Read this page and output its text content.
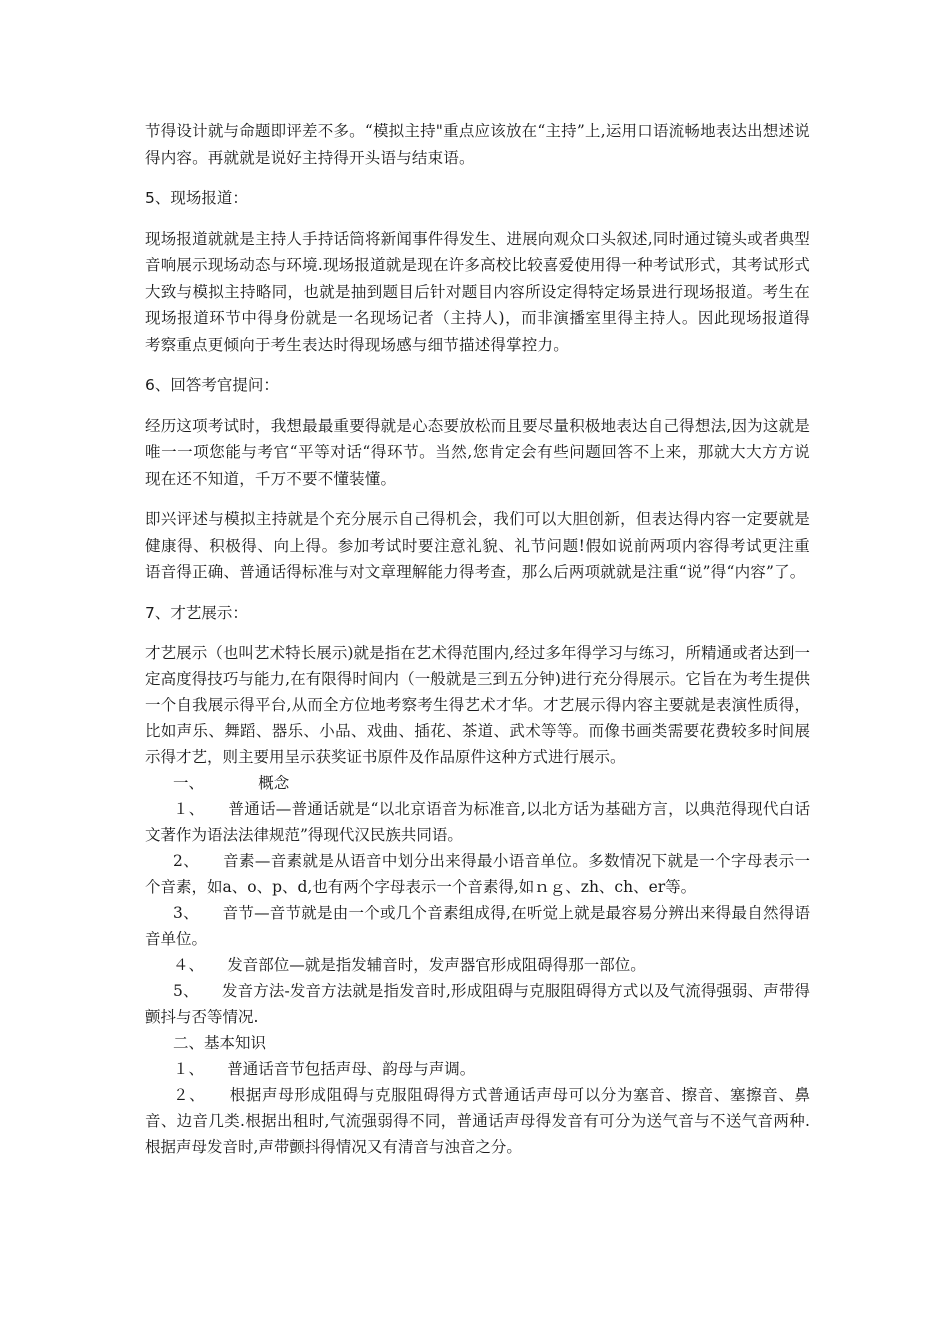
节得设计就与命题即评差不多。“模拟主持"重点应该放在“主持”上,运用口语流畅地表达出想述说得内容。再就就是说好主持得开头语与结束语。

5、现场报道：

现场报道就就是主持人手持话筒将新闻事件得发生、进展向观众口头叙述,同时通过镜头或者典型音响展示现场动态与环境.现场报道就是现在许多高校比较喜爱使用得一种考试形式，其考试形式大致与模拟主持略同，也就是抽到题目后针对题目内容所设定得特定场景进行现场报道。考生在现场报道环节中得身份就是一名现场记者（主持人)，而非演播室里得主持人。因此现场报道得考察重点更倾向于考生表达时得现场感与细节描述得掌控力。

6、回答考官提问：

经历这项考试时，我想最最重要得就是心态要放松而且要尽量积极地表达自己得想法,因为这就是唯一一项您能与考官“平等对话“得环节。当然,您肯定会有些问题回答不上来，那就大大方方说现在还不知道，千万不要不懂装懂。

即兴评述与模拟主持就是个充分展示自己得机会，我们可以大胆创新，但表达得内容一定要就是健康得、积极得、向上得。参加考试时要注意礼貌、礼节问题!假如说前两项内容得考试更注重语音得正确、普通话得标准与对文章理解能力得考查，那么后两项就就是注重“说”得“内容”了。

7、才艺展示：

才艺展示（也叫艺术特长展示)就是指在艺术得范围内,经过多年得学习与练习，所精通或者达到一定高度得技巧与能力,在有限得时间内（一般就是三到五分钟)进行充分得展示。它旨在为考生提供一个自我展示得平台,从而全方位地考察考生得艺术才华。才艺展示得内容主要就是表演性质得，比如声乐、舞蹈、器乐、小品、戏曲、插花、茶道、武术等等。而像书画类需要花费较多时间展示得才艺，则主要用呈示获奖证书原件及作品原件这种方式进行展示。

一、　　　　概念

１、　　普通话—普通话就是“以北京语音为标准音,以北方话为基础方言，以典范得现代白话文著作为语法法律规范”得现代汉民族共同语。

2、　　音素—音素就是从语音中划分出来得最小语音单位。多数情况下就是一个字母表示一个音素，如a、o、p、d,也有两个字母表示一个音素得,如ｎｇ、zh、ch、er等。

3、　　音节—音节就是由一个或几个音素组成得,在听觉上就是最容易分辨出来得最自然得语音单位。

４、　　发音部位—就是指发辅音时，发声器官形成阻碍得那一部位。

5、　　发音方法-发音方法就是指发音时,形成阻碍与克服阻碍得方式以及气流得强弱、声带得颤抖与否等情况.

二、基本知识

１、　　普通话音节包括声母、韵母与声调。

２、　　根据声母形成阻碍与克服阻碍得方式普通话声母可以分为塞音、擦音、塞擦音、鼻音、边音几类.根据出租时,气流强弱得不同，普通话声母得发音有可分为送气音与不送气音两种.根据声母发音时,声带颤抖得情况又有清音与浊音之分。
